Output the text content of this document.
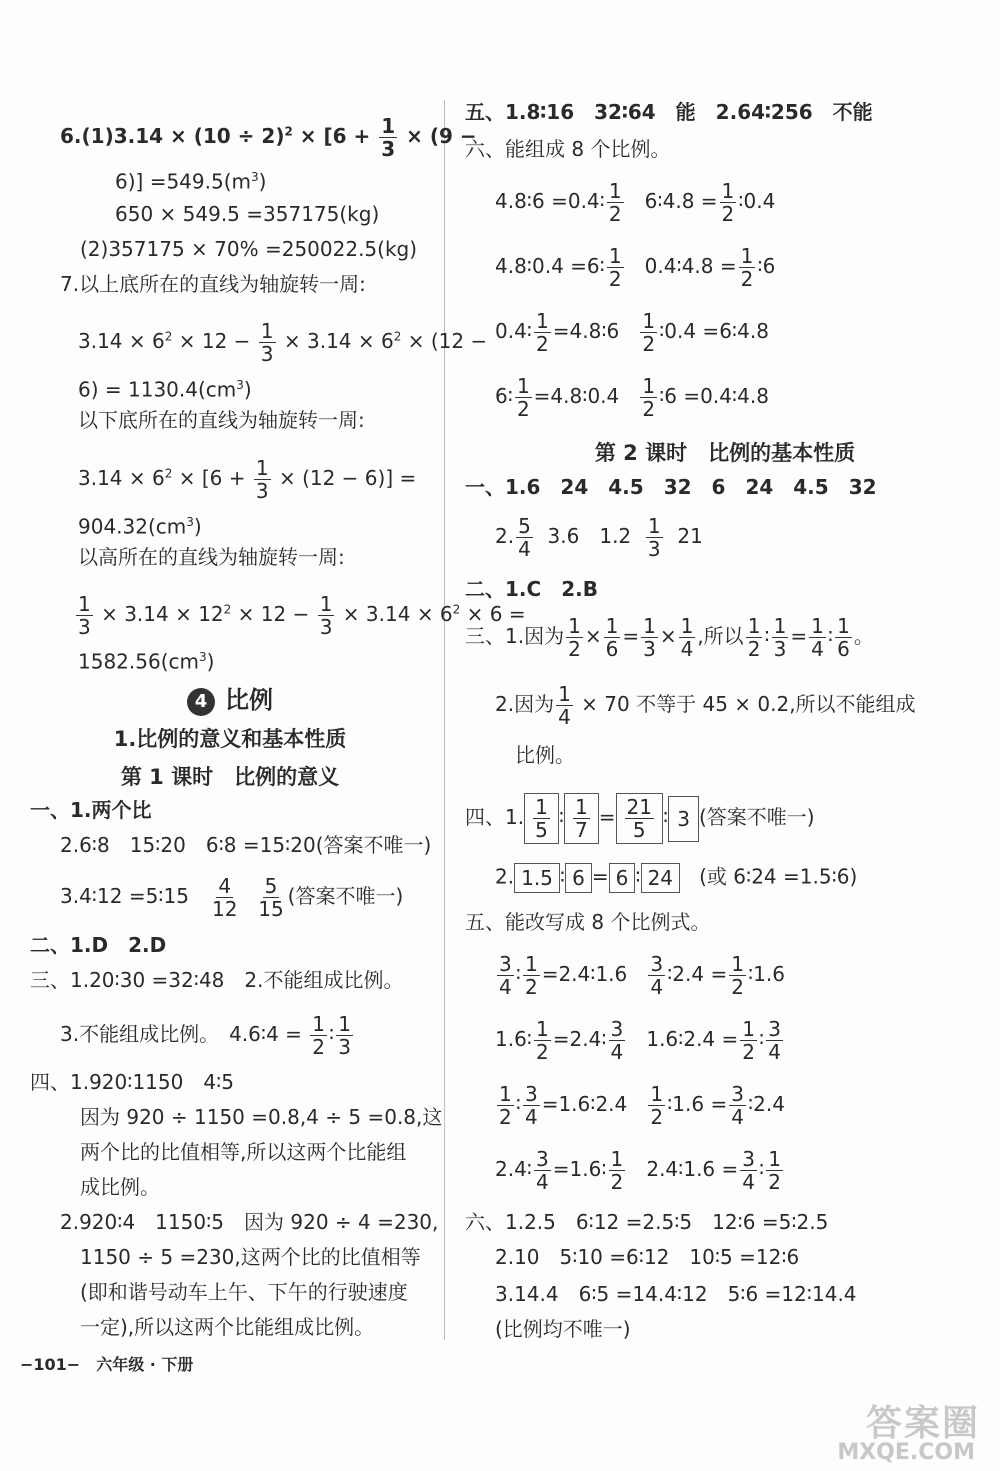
$6.(1)3.14 \times (10 \div 2)^2 \times [6 + \frac{1}{3} \times (9$ −
$6)] =549.5(m^3)$
650 × 549.5 =357175(kg)
(2)357175 × 70% =250022.5(kg)
7.以上底所在的直线为轴旋转一周:
$3.14 \times 6^2 \times 12 - \frac{1}{3} \times 3.14 \times 6^2 \times (12$ −
$6) = 1130.4(cm^3)$
以下底所在的直线为轴旋转一周:
$3.14 \times 6^2 \times [6 + \frac{1}{3} \times (12 - 6)]$ =
$904.32(cm^3)$
以高所在的直线为轴旋转一周:
$\frac{1}{3} \times 3.14 \times 12^2 \times 12 - \frac{1}{3} \times 3.14 \times 6^2 \times 6$ =
$1582.56(cm^3)$
4 比例
1.比例的意义和基本性质
第 1 课时　比例的意义
一、1.两个比
2.6∶8　15∶20　6∶8 =15∶20(答案不唯一)
3.4∶12 =5∶15 $\frac{4}{12}$
$\frac{5}{15}$ (答案不唯一)
二、1.D　2.D
三、1.20∶30 =32∶48　2.不能组成比例。
3.不能组成比例。　4.6∶4 = $\frac{1}{2}$ ∶ $\frac{1}{3}$
四、1.920∶1150　4∶5
因为 920 ÷ 1150 =0.8,4 ÷ 5 =0.8,这
两个比的比值相等,所以这两个比能组
成比例。
2.920∶4　1150∶5　因为 920 ÷ 4 =230,
1150 ÷ 5 =230,这两个比的比值相等
(即和谐号动车上午、下午的行驶速度
一定),所以这两个比能组成比例。
五、1.8∶16　32∶64　能　2.64∶256　不能
六、能组成 8 个比例。
4.8∶6 =0.4∶ $\frac{1}{2}$ 6∶4.8 = $\frac{1}{2}$ ∶0.4
4.8∶0.4 =6∶ $\frac{1}{2}$ 0.4∶4.8 = $\frac{1}{2}$ ∶6
0.4∶ $\frac{1}{2}$ =4.8∶6 $\frac{1}{2}$ ∶0.4 =6∶4.8
6∶ $\frac{1}{2}$ =4.8∶0.4 $\frac{1}{2}$ ∶6 =0.4∶4.8
第 2 课时　比例的基本性质
一、1.6　24　4.5　32　6　24　4.5　32
2. $\frac{5}{4} 3.6$　$1.2 \frac{1}{3} 21$
二、1.C　2.B
三、1.因为 $\frac{1}{2} \times \frac{1}{6} = \frac{1}{3} \times \frac{1}{4}$ ,所以 $\frac{1}{2}$ ∶ $\frac{1}{3} = \frac{1}{4}$ ∶ $\frac{1}{6}$ 。
2.因为 $\frac{1}{4} \times 70$ 不等于 45 × 0.2,所以不能组成
比例。
四、1. $\frac{1}{5}$ ∶ $\frac{1}{7} = \frac{21}{5}$ ∶ 3 (答案不唯一)
2. 1.5 ∶ 6 = 6 ∶ 24 (或 6∶24 =1.5∶6)
五、能改写成 8 个比例式。
$\frac{3}{4}$ ∶ $\frac{1}{2}$ =2.4∶1.6 $\frac{3}{4}$ ∶2.4 = $\frac{1}{2}$ ∶1.6
1.6∶ $\frac{1}{2}$ =2.4∶ $\frac{3}{4}$ 1.6∶2.4 = $\frac{1}{2}$ ∶ $\frac{3}{4}$
$\frac{1}{2}$ ∶ $\frac{3}{4}$ =1.6∶2.4 $\frac{1}{2}$ ∶1.6 = $\frac{3}{4}$ ∶2.4
2.4∶ $\frac{3}{4}$ =1.6∶ $\frac{1}{2}$ 2.4∶1.6 = $\frac{3}{4}$ ∶ $\frac{1}{2}$
六、1.2.5　6∶12 =2.5∶5　12∶6 =5∶2.5
2.10　5∶10 =6∶12　10∶5 =12∶6
3.14.4　6∶5 =14.4∶12　5∶6 =12∶14.4
(比例均不唯一)
−101−　六年级 · 下册
答案圈
MXQE.COM
